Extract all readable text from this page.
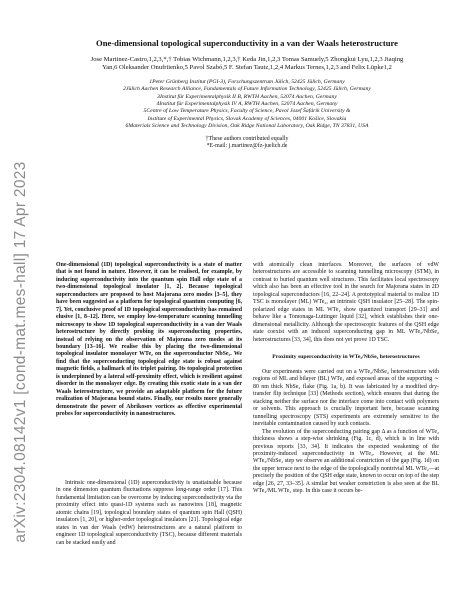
arXiv:2304.08142v1 [cond-mat.mes-hall] 17 Apr 2023
One-dimensional topological superconductivity in a van der Waals heterostructure
Jose Martinez-Castro,1,2,3,*,† Tobias Wichmann,1,2,3,† Keda Jin,1,2,3 Tomas Samuely,5 Zhongkui Lyu,1,2,3 Jiaqing
Yan,6 Oleksander Onufriienko,5 Pavol Szabó,5 F. Stefan Tautz,1,2,4 Markus Ternes,1,2,3 and Felix Lüpke1,2
1Peter Grünberg Institut (PGI-3), Forschungszentrum Jülich, 52425 Jülich, Germany
2Jülich Aachen Research Alliance, Fundamentals of Future Information Technology, 52425 Jülich, Germany
3Institut für Experimentalphysik II B, RWTH Aachen, 52074 Aachen, Germany
4Institut für Experimentalphysik IV A, RWTH Aachen, 52074 Aachen, Germany
5Centre of Low Temperature Physics, Faculty of Science, Pavol Jozef Šafárik University &
Institute of Experimental Physics, Slovak Academy of Sciences, 04001 Košice, Slovakia
6Materials Science and Technology Division, Oak Ridge National Laboratory, Oak Ridge, TN 37831, USA
†These authors contributed equally
*E-mail: j.martinez@fz-juelich.de

One-dimensional (1D) topological superconductivity is a state of matter that is not found in nature. However, it can be realised, for example, by inducing superconductivity into the quantum spin Hall edge state of a two-dimensional topological insulator [1, 2]. Because topological superconductors are proposed to host Majorana zero modes [3–5], they have been suggested as a platform for topological quantum computing [6, 7]. Yet, conclusive proof of 1D topological superconductivity has remained elusive [1, 8–12]. Here, we employ low-temperature scanning tunnelling microscopy to show 1D topological superconductivity in a van der Waals heterostructure by directly probing its superconducting properties, instead of relying on the observation of Majorana zero modes at its boundary [13–16]. We realise this by placing the two-dimensional topological insulator monolayer WTe₂ on the superconductor NbSe₂. We find that the superconducting topological edge state is robust against magnetic fields, a hallmark of its triplet pairing. Its topological protection is underpinned by a lateral self-proximity effect, which is resilient against disorder in the monolayer edge. By creating this exotic state in a van der Waals heterostructure, we provide an adaptable platform for the future realization of Majorana bound states. Finally, our results more generally demonstrate the power of Abrikosov vortices as effective experimental probes for superconductivity in nanostructures.

Intrinsic one-dimensional (1D) superconductivity is unattainable because in one dimension quantum fluctuations suppress long-range order [17]. This fundamental limitation can be overcome by inducing superconductivity via the proximity effect into quasi-1D systems such as nanowires [18], magnetic atomic chains [19], topological boundary states of quantum spin Hall (QSH) insulators [1, 20], or higher-order topological insulators [21]. Topological edge states in van der Waals (vdW) heterostructures are a natural platform to engineer 1D topological superconductivity (TSC), because different materials can be stacked easily and

with atomically clean interfaces. Moreover, the surfaces of vdW heterostructures are accessible to scanning tunnelling microscopy (STM), in contrast to buried quantum well structures. This facilitates local spectroscopy which also has been an effective tool in the search for Majorana states in 2D topological superconductors [16, 22–24]. A prototypical material to realize 1D TSC is monolayer (ML) WTe₂, an intrinsic QSH insulator [25–28]. The spin-polarized edge states in ML WTe₂ show quantized transport [29–31] and behave like a Tomonaga-Luttinger liquid [32], which establishes their one-dimensional metallicity. Although the spectroscopic features of the QSH edge state coexist with an induced superconducting gap in ML WTe₂/NbSe₂ heterostructures [33, 34], this does not yet prove 1D TSC.

Proximity superconductivity in WTe₂/NbSe₂ heterostructures

Our experiments were carried out on a WTe₂/NbSe₂ heterostructure with regions of ML and bilayer (BL) WTe₂ and exposed areas of the supporting ∼ 80 nm thick NbSe₂ flake (Fig. 1a, b). It was fabricated by a modified dry-transfer flip technique [33] (Methods section), which ensures that during the stacking neither the surface nor the interface come into contact with polymers or solvents. This approach is crucially important here, because scanning tunnelling spectroscopy (STS) experiments are extremely sensitive to the inevitable contamination caused by such contacts.

The evolution of the superconducting pairing gap Δ as a function of WTe₂ thickness shows a step-wise shrinking (Fig. 1c, d), which is in line with previous reports [33, 34]. It indicates the expected weakening of the proximity-induced superconductivity in WTe₂. However, at the ML WTe₂/NbSe₂ step we observe an additional constriction of the gap (Fig. 1d) on the upper terrace next to the edge of the topologically nontrivial ML WTe₂—at precisely the position of the QSH edge state, known to occur on top of the step edge [26, 27, 33–35]. A similar but weaker constriction is also seen at the BL WTe₂/ML WTe₂ step. In this case it occurs be-
